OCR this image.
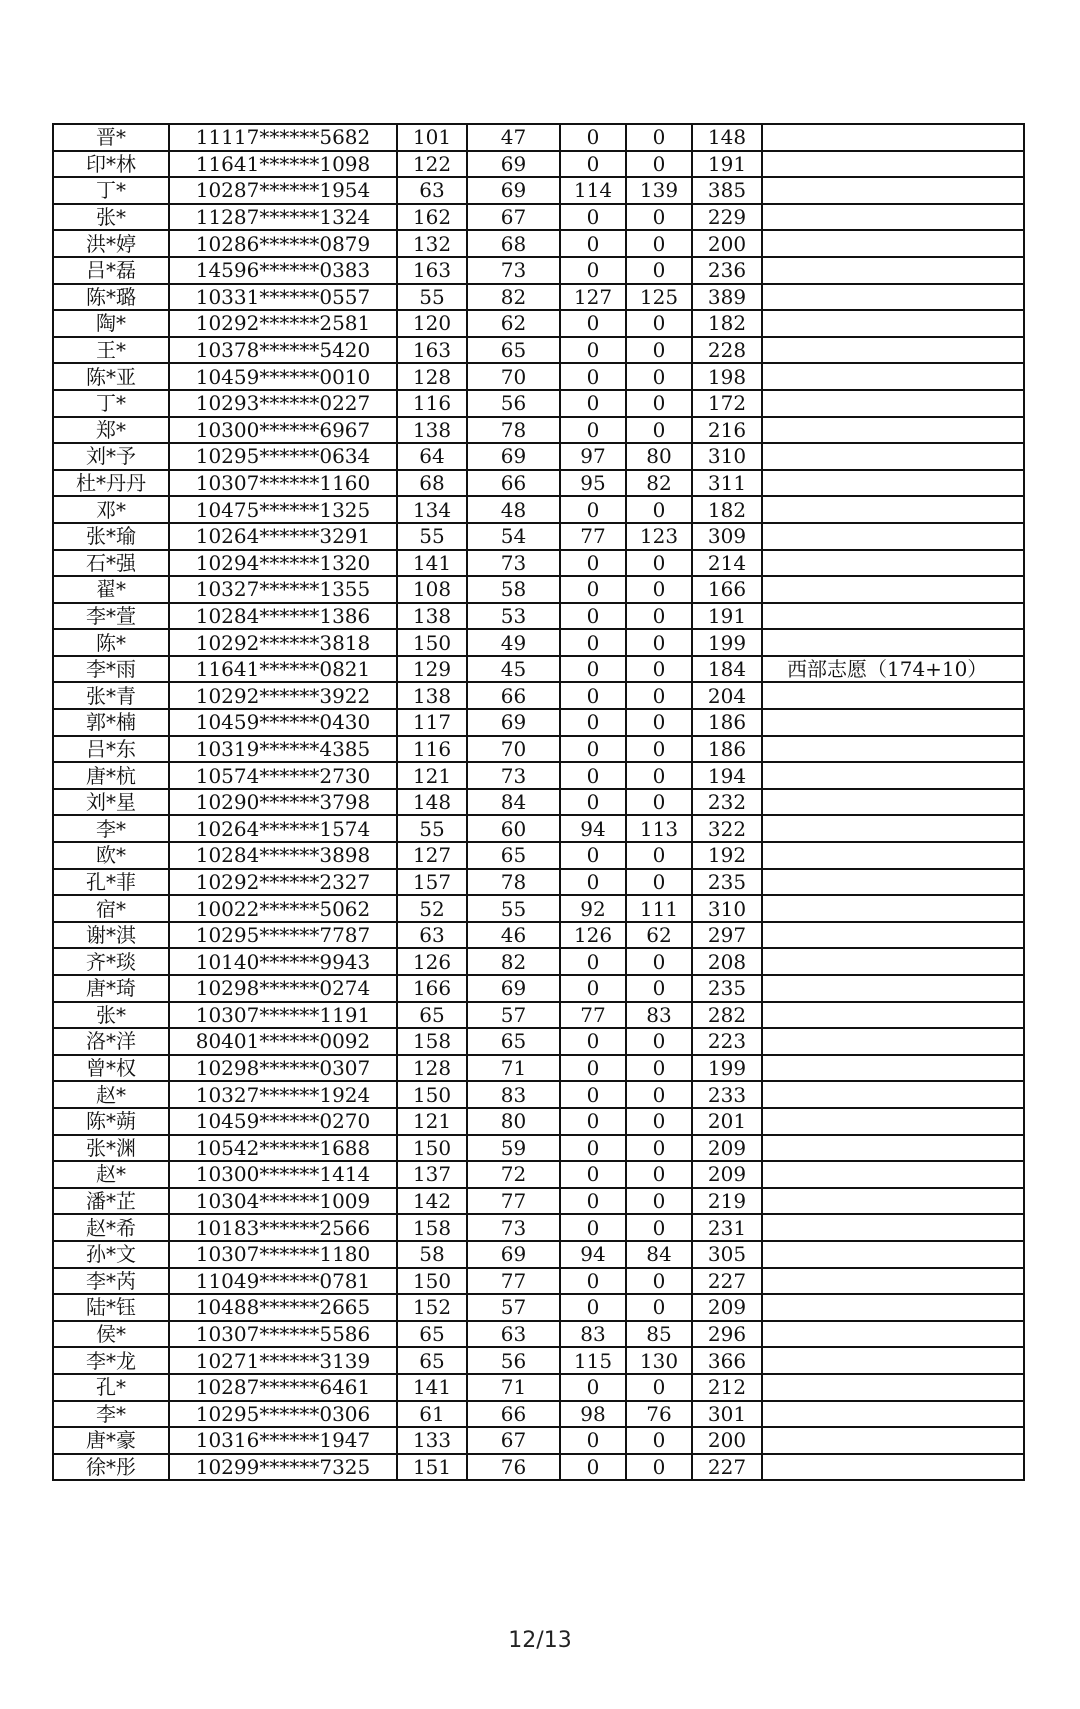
晋*	11117******5682	101	47	0	0	148	
印*林	11641******1098	122	69	0	0	191	
丁*	10287******1954	63	69	114	139	385	
张*	11287******1324	162	67	0	0	229	
洪*婷	10286******0879	132	68	0	0	200	
吕*磊	14596******0383	163	73	0	0	236	
陈*璐	10331******0557	55	82	127	125	389	
陶*	10292******2581	120	62	0	0	182	
王*	10378******5420	163	65	0	0	228	
陈*亚	10459******0010	128	70	0	0	198	
丁*	10293******0227	116	56	0	0	172	
郑*	10300******6967	138	78	0	0	216	
刘*予	10295******0634	64	69	97	80	310	
杜*丹丹	10307******1160	68	66	95	82	311	
邓*	10475******1325	134	48	0	0	182	
张*瑜	10264******3291	55	54	77	123	309	
石*强	10294******1320	141	73	0	0	214	
翟*	10327******1355	108	58	0	0	166	
李*萱	10284******1386	138	53	0	0	191	
陈*	10292******3818	150	49	0	0	199	
李*雨	11641******0821	129	45	0	0	184	西部志愿（174+10）
张*青	10292******3922	138	66	0	0	204	
郭*楠	10459******0430	117	69	0	0	186	
吕*东	10319******4385	116	70	0	0	186	
唐*杭	10574******2730	121	73	0	0	194	
刘*星	10290******3798	148	84	0	0	232	
李*	10264******1574	55	60	94	113	322	
欧*	10284******3898	127	65	0	0	192	
孔*菲	10292******2327	157	78	0	0	235	
宿*	10022******5062	52	55	92	111	310	
谢*淇	10295******7787	63	46	126	62	297	
齐*琰	10140******9943	126	82	0	0	208	
唐*琦	10298******0274	166	69	0	0	235	
张*	10307******1191	65	57	77	83	282	
洛*洋	80401******0092	158	65	0	0	223	
曾*权	10298******0307	128	71	0	0	199	
赵*	10327******1924	150	83	0	0	233	
陈*蒴	10459******0270	121	80	0	0	201	
张*渊	10542******1688	150	59	0	0	209	
赵*	10300******1414	137	72	0	0	209	
潘*芷	10304******1009	142	77	0	0	219	
赵*希	10183******2566	158	73	0	0	231	
孙*文	10307******1180	58	69	94	84	305	
李*芮	11049******0781	150	77	0	0	227	
陆*钰	10488******2665	152	57	0	0	209	
侯*	10307******5586	65	63	83	85	296	
李*龙	10271******3139	65	56	115	130	366	
孔*	10287******6461	141	71	0	0	212	
李*	10295******0306	61	66	98	76	301	
唐*豪	10316******1947	133	67	0	0	200	
徐*彤	10299******7325	151	76	0	0	227	
12/13
